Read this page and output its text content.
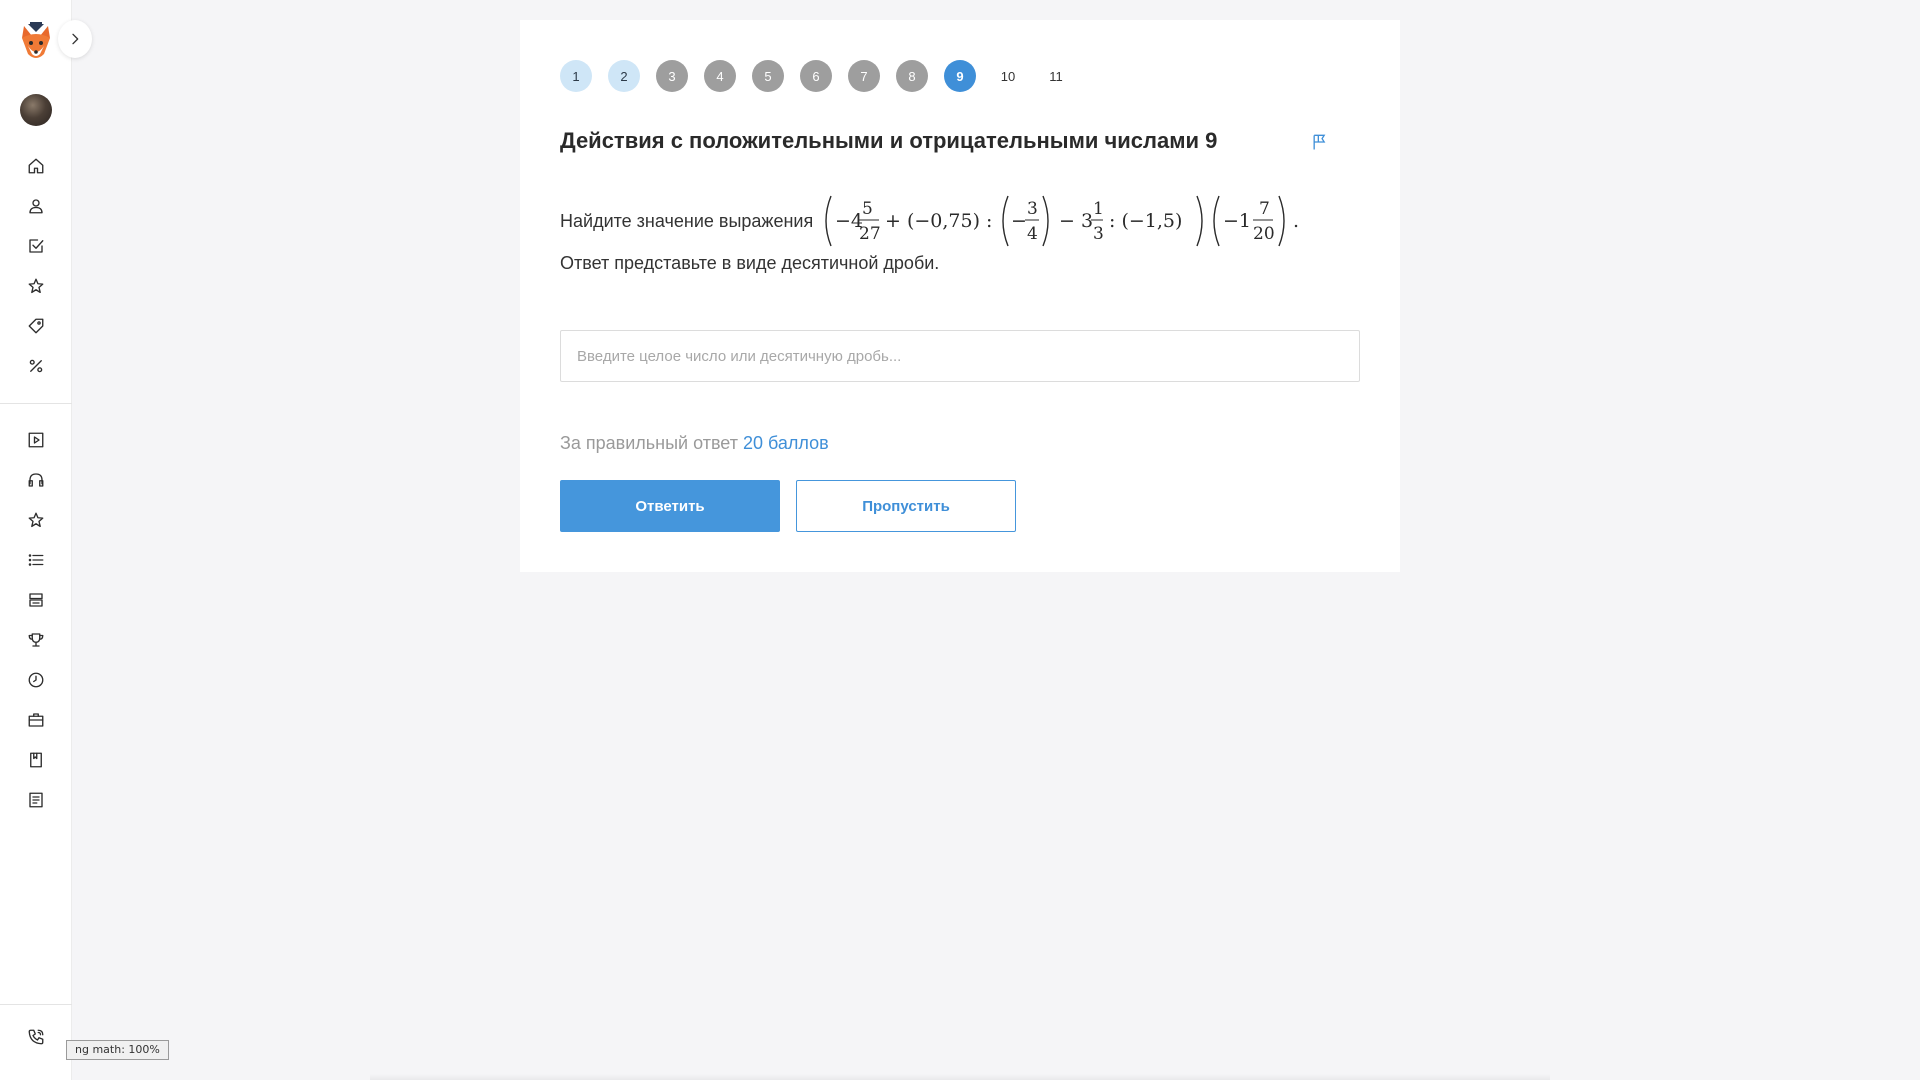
ng math: 100%
1	2	3	4	5	6	7	8	9	10	11
Действия с положительными и отрицательными числами 9
Найдите значение выражения −4
5
27
+ (−0,75) : −
3
4
− 3
1
3
: (−1,5) −1
7
20
.
Ответ представьте в виде десятичной дроби.
Введите целое число или десятичную дробь...
За правильный ответ 20 баллов
Ответить	Пропустить
